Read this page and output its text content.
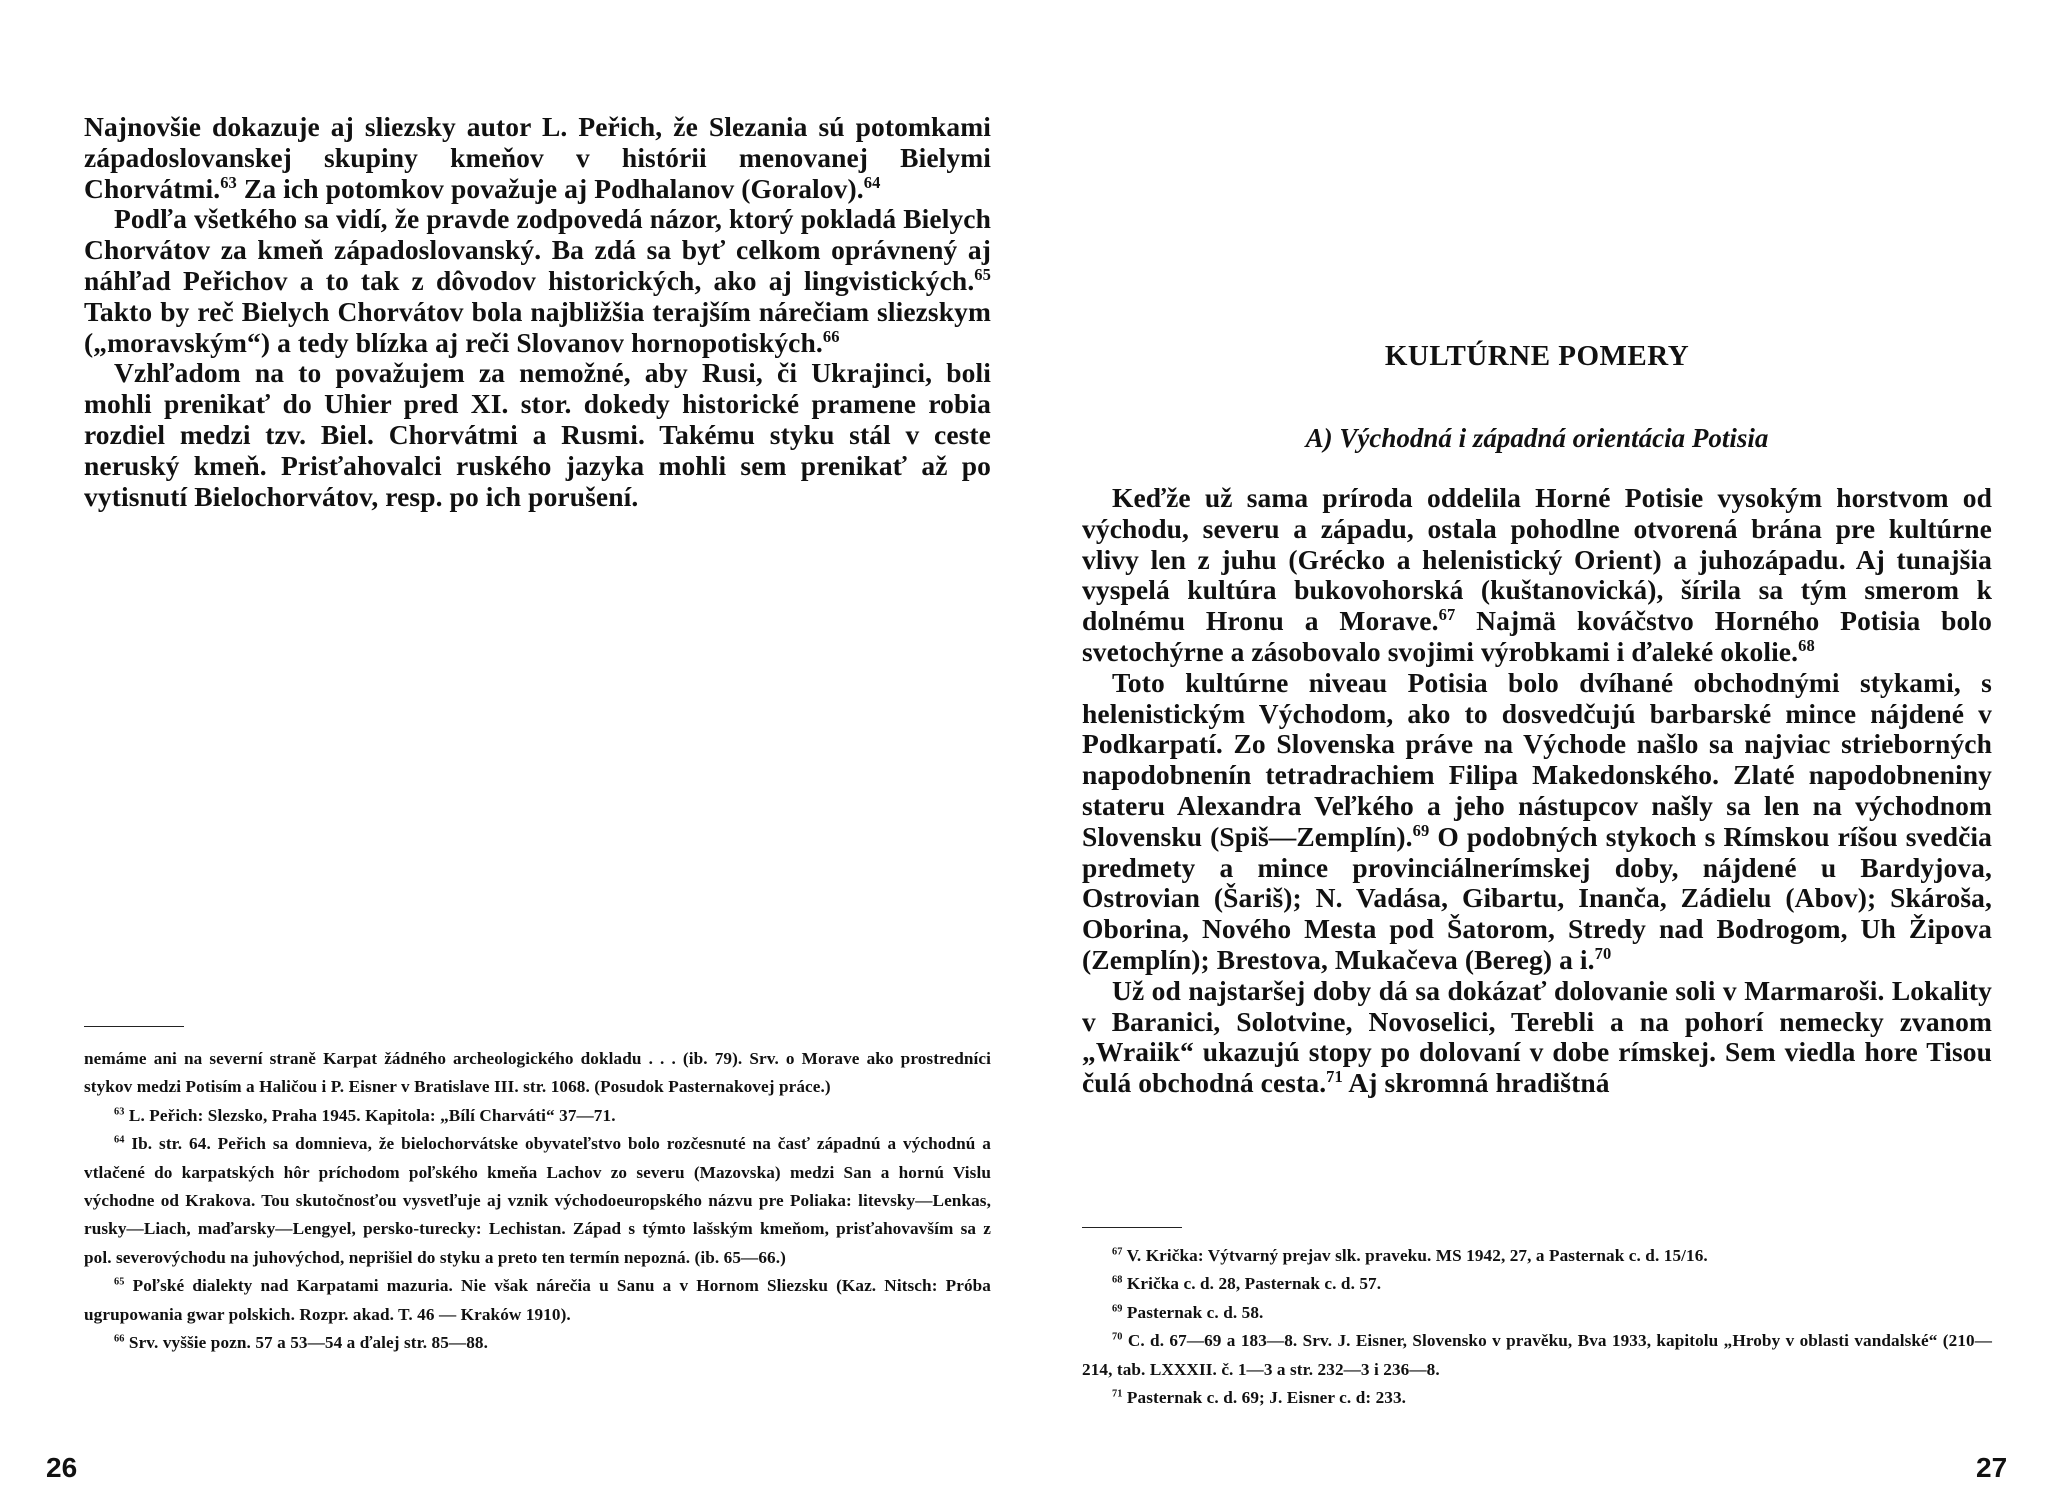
Najnovšie dokazuje aj sliezsky autor L. Peřich, že Slezania sú potomkami západoslovanskej skupiny kmeňov v histórii menovanej Bielymi Chorvátmi.$^{63}$ Za ich potomkov považuje aj Podhalanov (Goralov).$^{64}$

Podľa všetkého sa vidí, že pravde zodpovedá názor, ktorý pokladá Bielych Chorvátov za kmeň západoslovanský. Ba zdá sa byť celkom oprávnený aj náhľad Peřichov a to tak z dôvodov historických, ako aj lingvistických.$^{65}$ Takto by reč Bielych Chorvátov bola najbližšia terajším nárečiam sliezskym („moravským“) a tedy blízka aj reči Slovanov hornopotiských.$^{66}$

Vzhľadom na to považujem za nemožné, aby Rusi, či Ukrajinci, boli mohli prenikať do Uhier pred XI. stor. dokedy historické pramene robia rozdiel medzi tzv. Biel. Chorvátmi a Rusmi. Takému styku stál v ceste neruský kmeň. Prisťahovalci ruského jazyka mohli sem prenikať až po vytisnutí Bielochorvátov, resp. po ich porušení.

nemáme ani na severní straně Karpat žádného archeologického dokladu . . . (ib. 79). Srv. o Morave ako prostredníci stykov medzi Potisím a Haličou i P. Eisner v Bratislave III. str. 1068. (Posudok Pasternakovej práce.)

$^{63}$ L. Peřich: Slezsko, Praha 1945. Kapitola: „Bílí Charváti“ 37—71.

$^{64}$ Ib. str. 64. Peřich sa domnieva, že bielochorvátske obyvateľstvo bolo rozčesnuté na časť západnú a východnú a vtlačené do karpatských hôr príchodom poľského kmeňa Lachov zo severu (Mazovska) medzi San a hornú Vislu východne od Krakova. Tou skutočnosťou vysvetľuje aj vznik východoeuropského názvu pre Poliaka: litevsky—Lenkas, rusky—Liach, maďarsky—Lengyel, persko-turecky: Lechistan. Západ s týmto lašským kmeňom, prisťahovavším sa z pol. severovýchodu na juhovýchod, neprišiel do styku a preto ten termín nepozná. (ib. 65—66.)

$^{65}$ Poľské dialekty nad Karpatami mazuria. Nie však nárečia u Sanu a v Hornom Sliezsku (Kaz. Nitsch: Próba ugrupowania gwar polskich. Rozpr. akad. T. 46 — Kraków 1910).

$^{66}$ Srv. vyššie pozn. 57 a 53—54 a ďalej str. 85—88.

26
KULTÚRNE POMERY
A) Východná i západná orientácia Potisia

Keďže už sama príroda oddelila Horné Potisie vysokým horstvom od východu, severu a západu, ostala pohodlne otvorená brána pre kultúrne vlivy len z juhu (Grécko a helenistický Orient) a juhozápadu. Aj tunajšia vyspelá kultúra bukovohorská (kuštanovická), šírila sa tým smerom k dolnému Hronu a Morave.$^{67}$ Najmä kováčstvo Horného Potisia bolo svetochýrne a zásobovalo svojimi výrobkami i ďaleké okolie.$^{68}$

Toto kultúrne niveau Potisia bolo dvíhané obchodnými stykami, s helenistickým Východom, ako to dosvedčujú barbarské mince nájdené v Podkarpatí. Zo Slovenska práve na Východe našlo sa najviac strieborných napodobnenín tetradrachiem Filipa Makedonského. Zlaté napodobneniny stateru Alexandra Veľkého a jeho nástupcov našly sa len na východnom Slovensku (Spiš—Zemplín).$^{69}$ O podobných stykoch s Rímskou ríšou svedčia predmety a mince provinciálnerímskej doby, nájdené u Bardyjova, Ostrovian (Šariš); N. Vadása, Gibartu, Inanča, Zádielu (Abov); Skároša, Oborina, Nového Mesta pod Šatorom, Stredy nad Bodrogom, Uh Žipova (Zemplín); Brestova, Mukačeva (Bereg) a i.$^{70}$

Už od najstaršej doby dá sa dokázať dolovanie soli v Marmaroši. Lokality v Baranici, Solotvine, Novoselici, Terebli a na pohorí nemecky zvanom „Wraiik“ ukazujú stopy po dolovaní v dobe rímskej. Sem viedla hore Tisou čulá obchodná cesta.$^{71}$ Aj skromná hradištná

$^{67}$ V. Krička: Výtvarný prejav slk. praveku. MS 1942, 27, a Pasternak c. d. 15/16.

$^{68}$ Krička c. d. 28, Pasternak c. d. 57.

$^{69}$ Pasternak c. d. 58.

$^{70}$ C. d. 67—69 a 183—8. Srv. J. Eisner, Slovensko v pravěku, Bva 1933, kapitolu „Hroby v oblasti vandalské“ (210—214, tab. LXXXII. č. 1—3 a str. 232—3 i 236—8.

$^{71}$ Pasternak c. d. 69; J. Eisner c. d: 233.

27
